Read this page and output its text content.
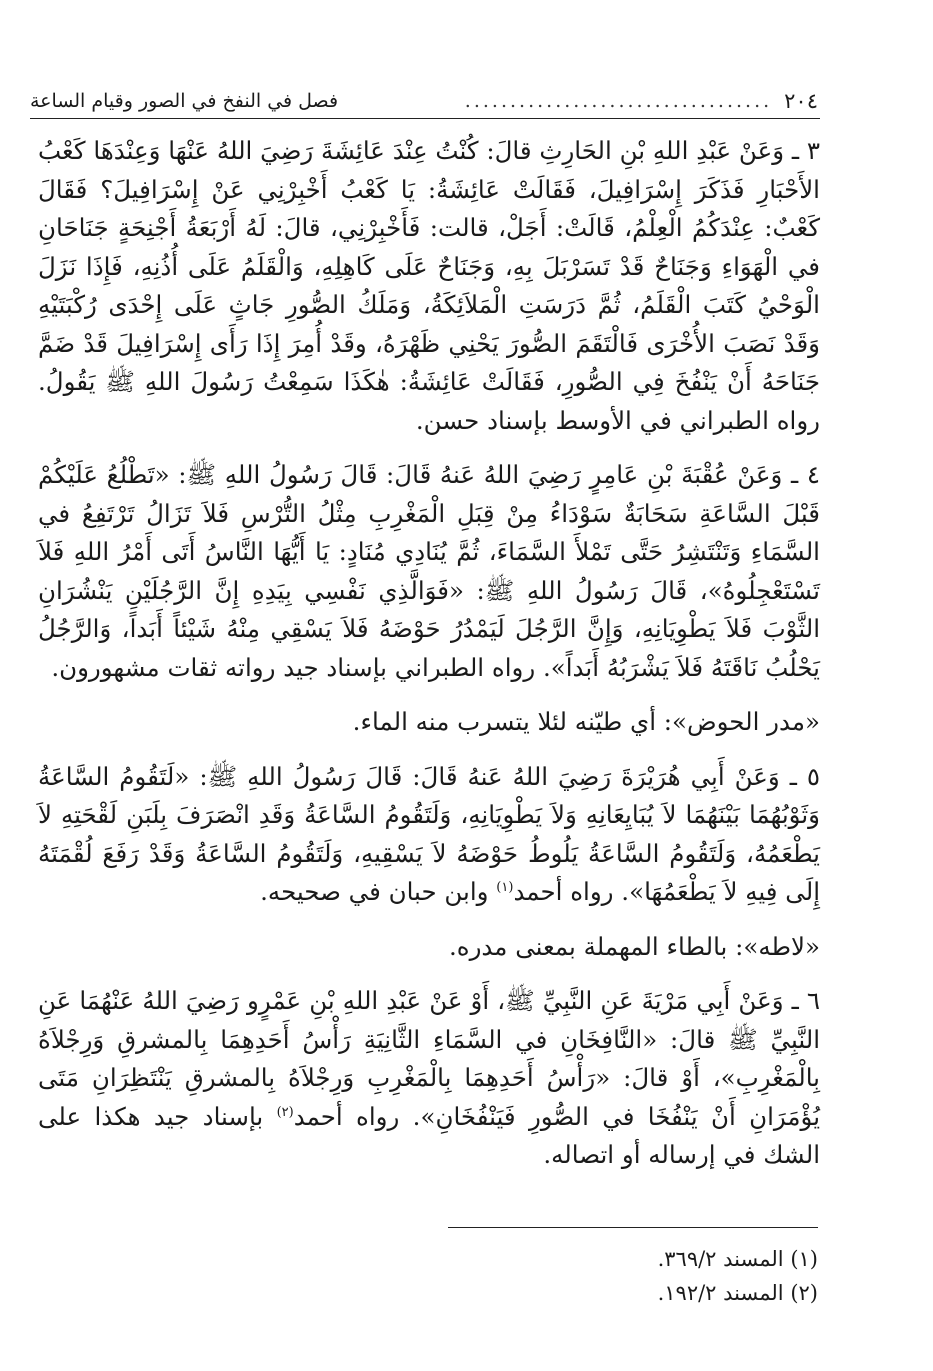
٢٠٤
..................................
فصل في النفخ في الصور وقيام الساعة

٣ ـ وَعَنْ عَبْدِ اللهِ بْنِ الحَارِثِ قالَ: كُنْتُ عِنْدَ عَائِشَةَ رَضِيَ اللهُ عَنْهَا وَعِنْدَهَا كَعْبُ الأَحْبَارِ فَذَكَرَ إِسْرَافِيلَ، فَقَالَتْ عَائِشَةُ: يَا كَعْبُ أَخْبِرْنِي عَنْ إِسْرَافِيلَ؟ فَقَالَ كَعْبٌ: عِنْدَكُمُ الْعِلْمُ، قَالَتْ: أَجَلْ، قالت: فَأَخْبِرْنِي، قالَ: لَهُ أَرْبَعَةُ أَجْنِحَةٍ جَنَاحَانِ في الْهَوَاءِ وَجَنَاحٌ قَدْ تَسَرْبَلَ بِهِ، وَجَنَاحٌ عَلَى كَاهِلِهِ، وَالْقَلَمُ عَلَى أُذُنِهِ، فَإِذَا نَزَلَ الْوَحْيُ كَتَبَ الْقَلَمُ، ثُمَّ دَرَسَتِ الْمَلاَئِكَةُ، وَمَلَكُ الصُّورِ جَاثٍ عَلَى إِحْدَى رُكْبَتَيْهِ وَقَدْ نَصَبَ الأُخْرَى فَالْتَقَمَ الصُّورَ يَحْنِي ظَهْرَهُ، وقَدْ أُمِرَ إِذَا رَأَى إِسْرَافِيلَ قَدْ ضَمَّ جَنَاحَهُ أَنْ يَنْفُخَ فِي الصُّورِ، فَقَالَتْ عَائِشَةُ: هٰكَذَا سَمِعْتُ رَسُولَ اللهِ ﷺ يَقُولُ. رواه الطبراني في الأوسط بإسناد حسن.

٤ ـ وَعَنْ عُقْبَةَ بْنِ عَامِرٍ رَضِيَ اللهُ عَنهُ قَالَ: قَالَ رَسُولُ اللهِ ﷺ: «تَطْلُعُ عَلَيْكُمْ قَبْلَ السَّاعَةِ سَحَابَةٌ سَوْدَاءُ مِنْ قِبَلِ الْمَغْرِبِ مِثْلُ التُّرْسِ فَلاَ تَزَالُ تَرْتَفِعُ في السَّمَاءِ وَتَنْتَشِرُ حَتَّى تَمْلأَ السَّمَاءَ، ثُمَّ يُنَادِي مُنَادٍ: يَا أَيُّهَا النَّاسُ أَتَى أَمْرُ اللهِ فَلاَ تَسْتَعْجِلُوهُ»، قَالَ رَسُولُ اللهِ ﷺ: «فَوَالَّذِي نَفْسِي بِيَدِهِ إِنَّ الرَّجُلَيْنِ يَنْشُرَانِ الثَّوْبَ فَلاَ يَطْوِيَانِهِ، وَإِنَّ الرَّجُلَ لَيَمْدُرُ حَوْضَهُ فَلاَ يَسْقِي مِنْهُ شَيْئاً أَبَداً، وَالرَّجُلُ يَحْلُبُ نَاقَتَهُ فَلاَ يَشْرَبُهُ أَبَداً». رواه الطبراني بإسناد جيد رواته ثقات مشهورون.

«مدر الحوض»: أي طيّنه لئلا يتسرب منه الماء.

٥ ـ وَعَنْ أَبِي هُرَيْرَةَ رَضِيَ اللهُ عَنهُ قَالَ: قَالَ رَسُولُ اللهِ ﷺ: «لَتَقُومُ السَّاعَةُ وَثَوْبُهُمَا بَيْنَهُمَا لاَ يُبَايِعَانِهِ وَلاَ يَطْوِيَانِهِ، وَلَتَقُومُ السَّاعَةُ وَقَدِ انْصَرَفَ بِلَبَنِ لَقْحَتِهِ لاَ يَطْعَمُهُ، وَلَتَقُومُ السَّاعَةُ يَلُوطُ حَوْضَهُ لاَ يَسْقِيهِ، وَلَتَقُومُ السَّاعَةُ وَقَدْ رَفَعَ لُقْمَتَهُ إِلَى فِيهِ لاَ يَطْعَمُهَا». رواه أحمد$^{(١)}$ وابن حبان في صحيحه.

«لاطه»: بالطاء المهملة بمعنى مدره.

٦ ـ وَعَنْ أَبِي مَرْيَةَ عَنِ النَّبِيِّ ﷺ، أَوْ عَنْ عَبْدِ اللهِ بْنِ عَمْرٍو رَضِيَ اللهُ عَنْهُمَا عَنِ النَّبِيِّ ﷺ قالَ: «النَّافِخَانِ في السَّمَاءِ الثَّانِيَةِ رَأْسُ أَحَدِهِمَا بِالمشرقِ وَرِجْلاَهُ بِالْمَغْرِبِ»، أَوْ قالَ: «رَأْسُ أَحَدِهِمَا بِالْمَغْرِبِ وَرِجْلاَهُ بِالمشرقِ يَنْتَظِرَانِ مَتَى يُؤْمَرَانِ أَنْ يَنْفُخَا في الصُّورِ فَيَنْفُخَانِ». رواه أحمد$^{(٢)}$ بإسناد جيد هكذا على الشك في إرساله أو اتصاله.

(١) المسند ٣٦٩/٢.
(٢) المسند ١٩٢/٢.
